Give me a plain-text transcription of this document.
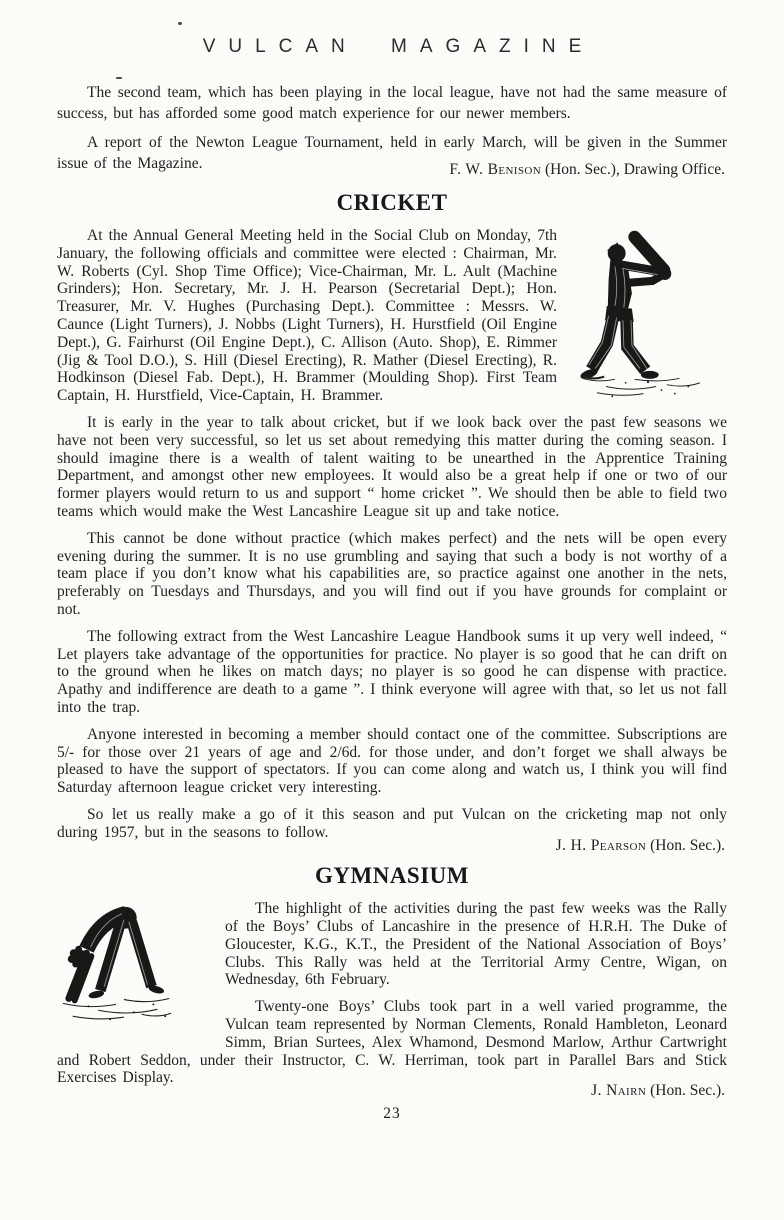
VULCAN MAGAZINE

The second team, which has been playing in the local league, have not had the same measure of success, but has afforded some good match experience for our newer members.

A report of the Newton League Tournament, held in early March, will be given in the Summer issue of the Magazine.	F. W. Benison (Hon. Sec.), Drawing Office.
CRICKET

At the Annual General Meeting held in the Social Club on Monday, 7th January, the following officials and committee were elected : Chairman, Mr. W. Roberts (Cyl. Shop Time Office); Vice-Chairman, Mr. L. Ault (Machine Grinders); Hon. Secretary, Mr. J. H. Pearson (Secretarial Dept.); Hon. Treasurer, Mr. V. Hughes (Purchasing Dept.). Committee : Messrs. W. Caunce (Light Turners), J. Nobbs (Light Turners), H. Hurstfield (Oil Engine Dept.), G. Fairhurst (Oil Engine Dept.), C. Allison (Auto. Shop), E. Rimmer (Jig & Tool D.O.), S. Hill (Diesel Erecting), R. Mather (Diesel Erecting), R. Hodkinson (Diesel Fab. Dept.), H. Brammer (Moulding Shop). First Team Captain, H. Hurstfield, Vice-Captain, H. Brammer.

It is early in the year to talk about cricket, but if we look back over the past few seasons we have not been very successful, so let us set about remedying this matter during the coming season. I should imagine there is a wealth of talent waiting to be unearthed in the Apprentice Training Department, and amongst other new employees. It would also be a great help if one or two of our former players would return to us and support “ home cricket ”. We should then be able to field two teams which would make the West Lancashire League sit up and take notice.

This cannot be done without practice (which makes perfect) and the nets will be open every evening during the summer. It is no use grumbling and saying that such a body is not worthy of a team place if you don’t know what his capabilities are, so practice against one another in the nets, preferably on Tuesdays and Thursdays, and you will find out if you have grounds for complaint or not.

The following extract from the West Lancashire League Handbook sums it up very well indeed, “ Let players take advantage of the opportunities for practice. No player is so good that he can drift on to the ground when he likes on match days; no player is so good he can dispense with practice. Apathy and indifference are death to a game ”. I think everyone will agree with that, so let us not fall into the trap.

Anyone interested in becoming a member should contact one of the committee. Subscriptions are 5/- for those over 21 years of age and 2/6d. for those under, and don’t forget we shall always be pleased to have the support of spectators. If you can come along and watch us, I think you will find Saturday afternoon league cricket very interesting.

So let us really make a go of it this season and put Vulcan on the cricketing map not only during 1957, but in the seasons to follow.

J. H. Pearson (Hon. Sec.).
GYMNASIUM

The highlight of the activities during the past few weeks was the Rally of the Boys’ Clubs of Lancashire in the presence of H.R.H. The Duke of Gloucester, K.G., K.T., the President of the National Association of Boys’ Clubs. This Rally was held at the Territorial Army Centre, Wigan, on Wednesday, 6th February.

Twenty-one Boys’ Clubs took part in a well varied programme, the Vulcan team represented by Norman Clements, Ronald Hambleton, Leonard Simm, Brian Surtees, Alex Whamond, Desmond Marlow, Arthur Cartwright and Robert Seddon, under their Instructor, C. W. Herriman, took part in Parallel Bars and Stick Exercises Display.

J. Nairn (Hon. Sec.).
23
